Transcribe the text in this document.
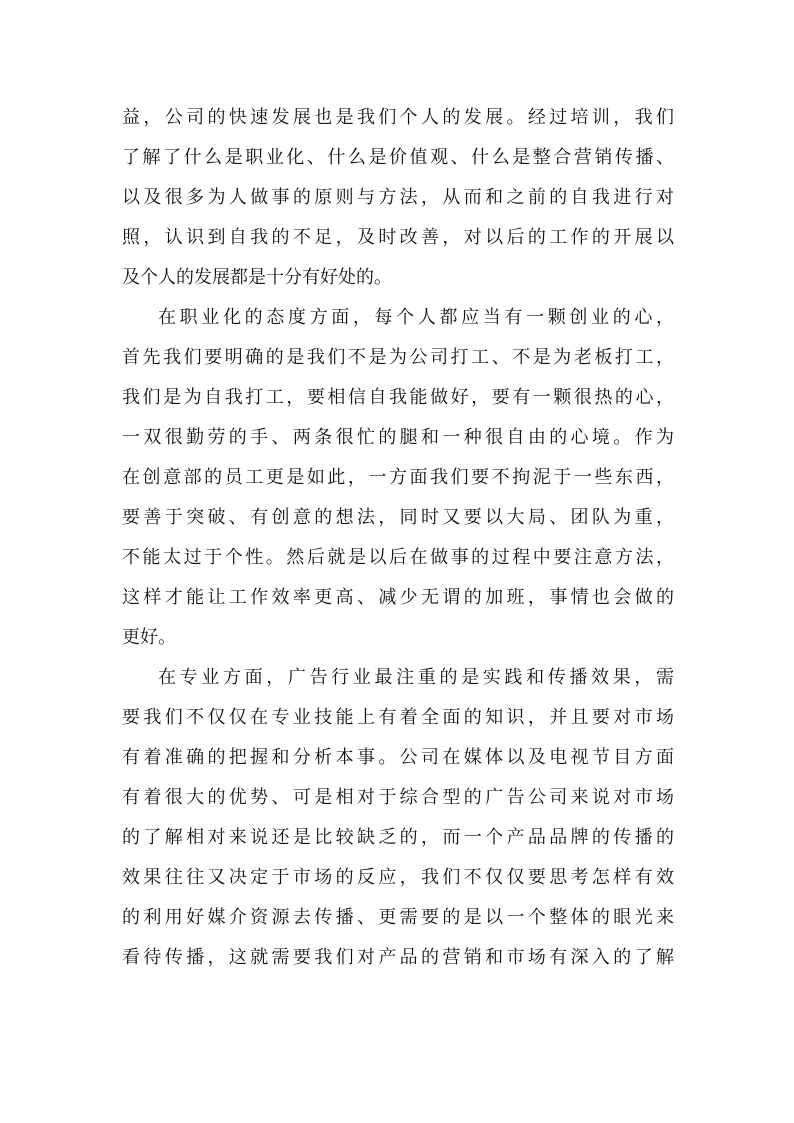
益，公司的快速发展也是我们个人的发展。经过培训，我们
了解了什么是职业化、什么是价值观、什么是整合营销传播、
以及很多为人做事的原则与方法，从而和之前的自我进行对
照，认识到自我的不足，及时改善，对以后的工作的开展以
及个人的发展都是十分有好处的。
在职业化的态度方面，每个人都应当有一颗创业的心，
首先我们要明确的是我们不是为公司打工、不是为老板打工，
我们是为自我打工，要相信自我能做好，要有一颗很热的心，
一双很勤劳的手、两条很忙的腿和一种很自由的心境。作为
在创意部的员工更是如此，一方面我们要不拘泥于一些东西，
要善于突破、有创意的想法，同时又要以大局、团队为重，
不能太过于个性。然后就是以后在做事的过程中要注意方法，
这样才能让工作效率更高、减少无谓的加班，事情也会做的
更好。
在专业方面，广告行业最注重的是实践和传播效果，需
要我们不仅仅在专业技能上有着全面的知识，并且要对市场
有着准确的把握和分析本事。公司在媒体以及电视节目方面
有着很大的优势、可是相对于综合型的广告公司来说对市场
的了解相对来说还是比较缺乏的，而一个产品品牌的传播的
效果往往又决定于市场的反应，我们不仅仅要思考怎样有效
的利用好媒介资源去传播、更需要的是以一个整体的眼光来
看待传播，这就需要我们对产品的营销和市场有深入的了解
